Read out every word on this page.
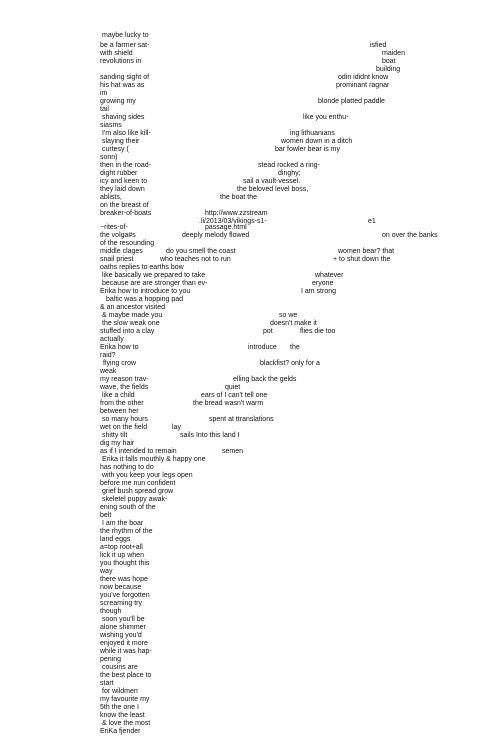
maybe lucky to
be a farmer sat-	isfied
with shield	maiden
revolutions in	boat
building
sanding sight of	odin ididnt know
his hat was as	prominant ragnar
im
growing my	blonde platted paddle
tail
shaving sides	like you enthu-
siasms
I'm also like kill-	ing lithuanians
slaying their	women down in a ditch
curtesy (	bar fowler bear is my
sonn)
then in the road-	stead rocked a ring-
dight rubber	dinghy;
icy and keen to	sail a vault-vessel.
they laid down	the beloved level boss,
ablists,
on the breast of
the boat the
breaker-of-boats	http://www.zzstream
.li/2013/03/vikings-s1-	e1
~rites-of-	passage.html
the volga#s	deeply melody flowed	on over the banks
of the resounding
middle clages	do you smell the coast	women bear? that
snail priest	who teaches not to run	+ to shut down the
oaths replies to earths bow
like basically we prepared to take	whatever
because are are stronger than ev-	eryone
Erika how to introduce to you	I am strong
baltic was a hopping pad
& an ancestor visited
& maybe made you	so we
the slow weak one	doesn't make it
stuffed into a clay	pot	flies die too
actually
Erika how to	introduce the
raid?
flying crow	blackfist? only for a
weak
my reason trav-	elling back the gelds
wave, the fields	quiet
like a child	ears of I can't tell one
from the other	the bread wasn't warm
between her
so many hours	spent at ttranslations
wet on the field	lay
shitty tilt	sails Into this land I
dig my hair
as if I intended to remain	semen
Erika it falls mouthly & happy one
has nothing to do
with you keep your legs open
before me nun confident
grief bush spread grow
skeletel puppy awak-
ening south of the
belt
I am the boar
the rhythm of the
land eggs
a=top root+all
lick it up when
you thought this
way
there was hope
now because
you've forgotten
screaming try
though
soon you'll be
alone shimmer
wishing you'd
enjoyed it more
while it was hap-
pening
cousins are
the best place to
start
for wildmen
my favourite my
5th the one I
know the least
& love the most
EriKa fjender
